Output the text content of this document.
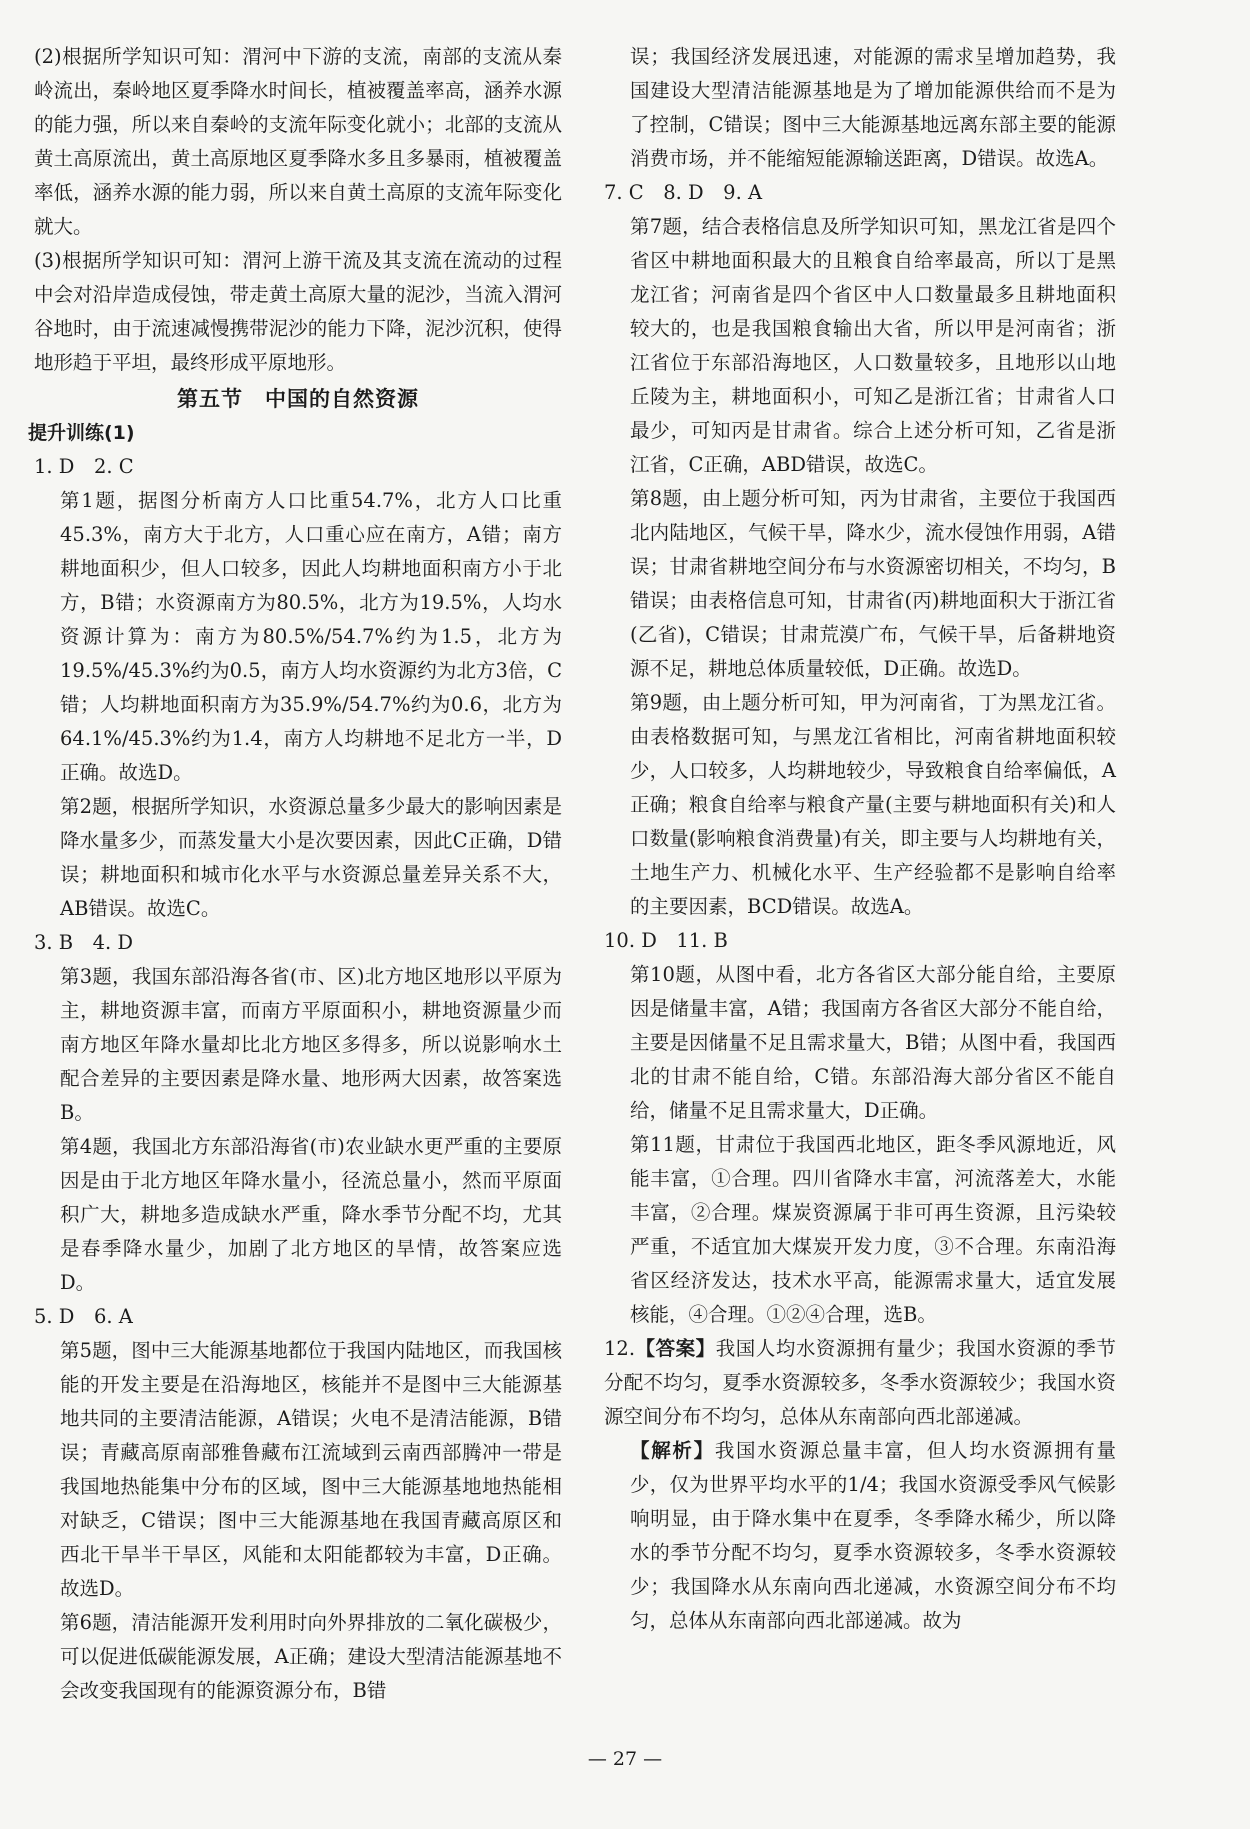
(2)根据所学知识可知：渭河中下游的支流，南部的支流从秦岭流出，秦岭地区夏季降水时间长，植被覆盖率高，涵养水源的能力强，所以来自秦岭的支流年际变化就小；北部的支流从黄土高原流出，黄土高原地区夏季降水多且多暴雨，植被覆盖率低，涵养水源的能力弱，所以来自黄土高原的支流年际变化就大。

(3)根据所学知识可知：渭河上游干流及其支流在流动的过程中会对沿岸造成侵蚀，带走黄土高原大量的泥沙，当流入渭河谷地时，由于流速减慢携带泥沙的能力下降，泥沙沉积，使得地形趋于平坦，最终形成平原地形。

第五节　中国的自然资源

提升训练(1)

1. D　2. C

第1题，据图分析南方人口比重54.7%，北方人口比重45.3%，南方大于北方，人口重心应在南方，A错；南方耕地面积少，但人口较多，因此人均耕地面积南方小于北方，B错；水资源南方为80.5%，北方为19.5%，人均水资源计算为：南方为80.5%/54.7%约为1.5，北方为19.5%/45.3%约为0.5，南方人均水资源约为北方3倍，C错；人均耕地面积南方为35.9%/54.7%约为0.6，北方为64.1%/45.3%约为1.4，南方人均耕地不足北方一半，D正确。故选D。

第2题，根据所学知识，水资源总量多少最大的影响因素是降水量多少，而蒸发量大小是次要因素，因此C正确，D错误；耕地面积和城市化水平与水资源总量差异关系不大，AB错误。故选C。

3. B　4. D

第3题，我国东部沿海各省(市、区)北方地区地形以平原为主，耕地资源丰富，而南方平原面积小，耕地资源量少而南方地区年降水量却比北方地区多得多，所以说影响水土配合差异的主要因素是降水量、地形两大因素，故答案选B。

第4题，我国北方东部沿海省(市)农业缺水更严重的主要原因是由于北方地区年降水量小，径流总量小，然而平原面积广大，耕地多造成缺水严重，降水季节分配不均，尤其是春季降水量少，加剧了北方地区的旱情，故答案应选D。

5. D　6. A

第5题，图中三大能源基地都位于我国内陆地区，而我国核能的开发主要是在沿海地区，核能并不是图中三大能源基地共同的主要清洁能源，A错误；火电不是清洁能源，B错误；青藏高原南部雅鲁藏布江流域到云南西部腾冲一带是我国地热能集中分布的区域，图中三大能源基地地热能相对缺乏，C错误；图中三大能源基地在我国青藏高原区和西北干旱半干旱区，风能和太阳能都较为丰富，D正确。故选D。

第6题，清洁能源开发利用时向外界排放的二氧化碳极少，可以促进低碳能源发展，A正确；建设大型清洁能源基地不会改变我国现有的能源资源分布，B错

误；我国经济发展迅速，对能源的需求呈增加趋势，我国建设大型清洁能源基地是为了增加能源供给而不是为了控制，C错误；图中三大能源基地远离东部主要的能源消费市场，并不能缩短能源输送距离，D错误。故选A。

7. C　8. D　9. A

第7题，结合表格信息及所学知识可知，黑龙江省是四个省区中耕地面积最大的且粮食自给率最高，所以丁是黑龙江省；河南省是四个省区中人口数量最多且耕地面积较大的，也是我国粮食输出大省，所以甲是河南省；浙江省位于东部沿海地区，人口数量较多，且地形以山地丘陵为主，耕地面积小，可知乙是浙江省；甘肃省人口最少，可知丙是甘肃省。综合上述分析可知，乙省是浙江省，C正确，ABD错误，故选C。

第8题，由上题分析可知，丙为甘肃省，主要位于我国西北内陆地区，气候干旱，降水少，流水侵蚀作用弱，A错误；甘肃省耕地空间分布与水资源密切相关，不均匀，B错误；由表格信息可知，甘肃省(丙)耕地面积大于浙江省(乙省)，C错误；甘肃荒漠广布，气候干旱，后备耕地资源不足，耕地总体质量较低，D正确。故选D。

第9题，由上题分析可知，甲为河南省，丁为黑龙江省。由表格数据可知，与黑龙江省相比，河南省耕地面积较少，人口较多，人均耕地较少，导致粮食自给率偏低，A正确；粮食自给率与粮食产量(主要与耕地面积有关)和人口数量(影响粮食消费量)有关，即主要与人均耕地有关，土地生产力、机械化水平、生产经验都不是影响自给率的主要因素，BCD错误。故选A。

10. D　11. B

第10题，从图中看，北方各省区大部分能自给，主要原因是储量丰富，A错；我国南方各省区大部分不能自给，主要是因储量不足且需求量大，B错；从图中看，我国西北的甘肃不能自给，C错。东部沿海大部分省区不能自给，储量不足且需求量大，D正确。

第11题，甘肃位于我国西北地区，距冬季风源地近，风能丰富，①合理。四川省降水丰富，河流落差大，水能丰富，②合理。煤炭资源属于非可再生资源，且污染较严重，不适宜加大煤炭开发力度，③不合理。东南沿海省区经济发达，技术水平高，能源需求量大，适宜发展核能，④合理。①②④合理，选B。

12.【答案】我国人均水资源拥有量少；我国水资源的季节分配不均匀，夏季水资源较多，冬季水资源较少；我国水资源空间分布不均匀，总体从东南部向西北部递减。

【解析】我国水资源总量丰富，但人均水资源拥有量少，仅为世界平均水平的1/4；我国水资源受季风气候影响明显，由于降水集中在夏季，冬季降水稀少，所以降水的季节分配不均匀，夏季水资源较多，冬季水资源较少；我国降水从东南向西北递减，水资源空间分布不均匀，总体从东南部向西北部递减。故为

— 27 —
